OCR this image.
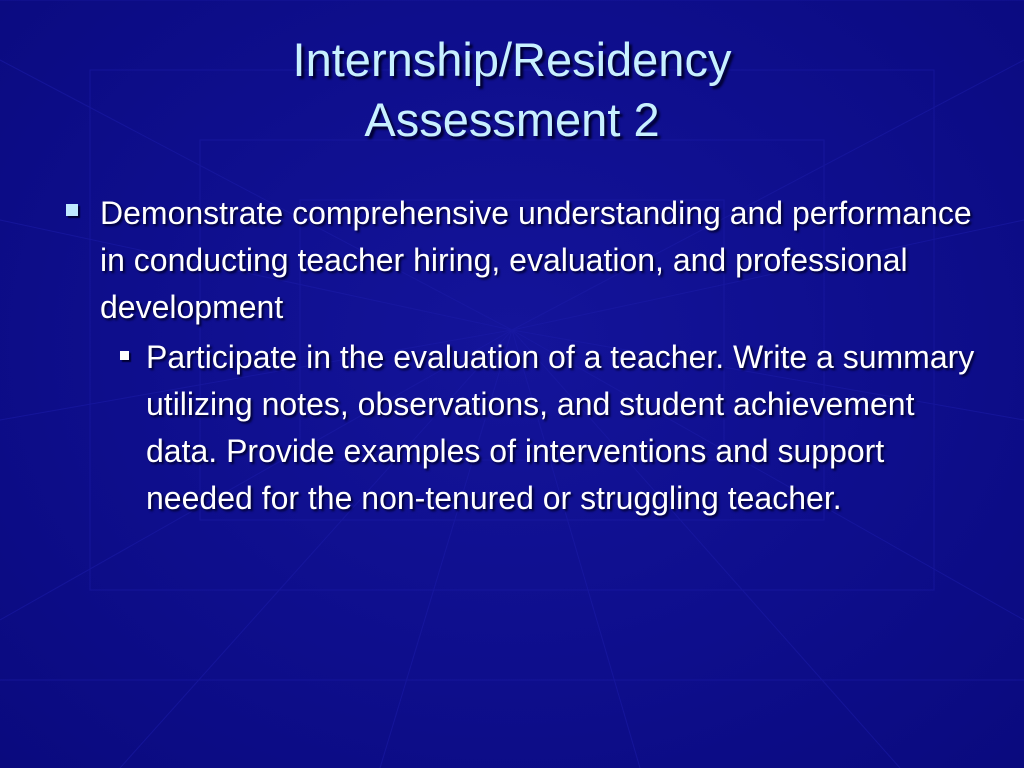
Internship/Residency
Assessment 2
Demonstrate comprehensive understanding and performance in conducting teacher hiring, evaluation, and professional development
Participate in the evaluation of a teacher. Write a summary utilizing notes, observations, and student achievement data. Provide examples of interventions and support needed for the non-tenured or struggling teacher.
